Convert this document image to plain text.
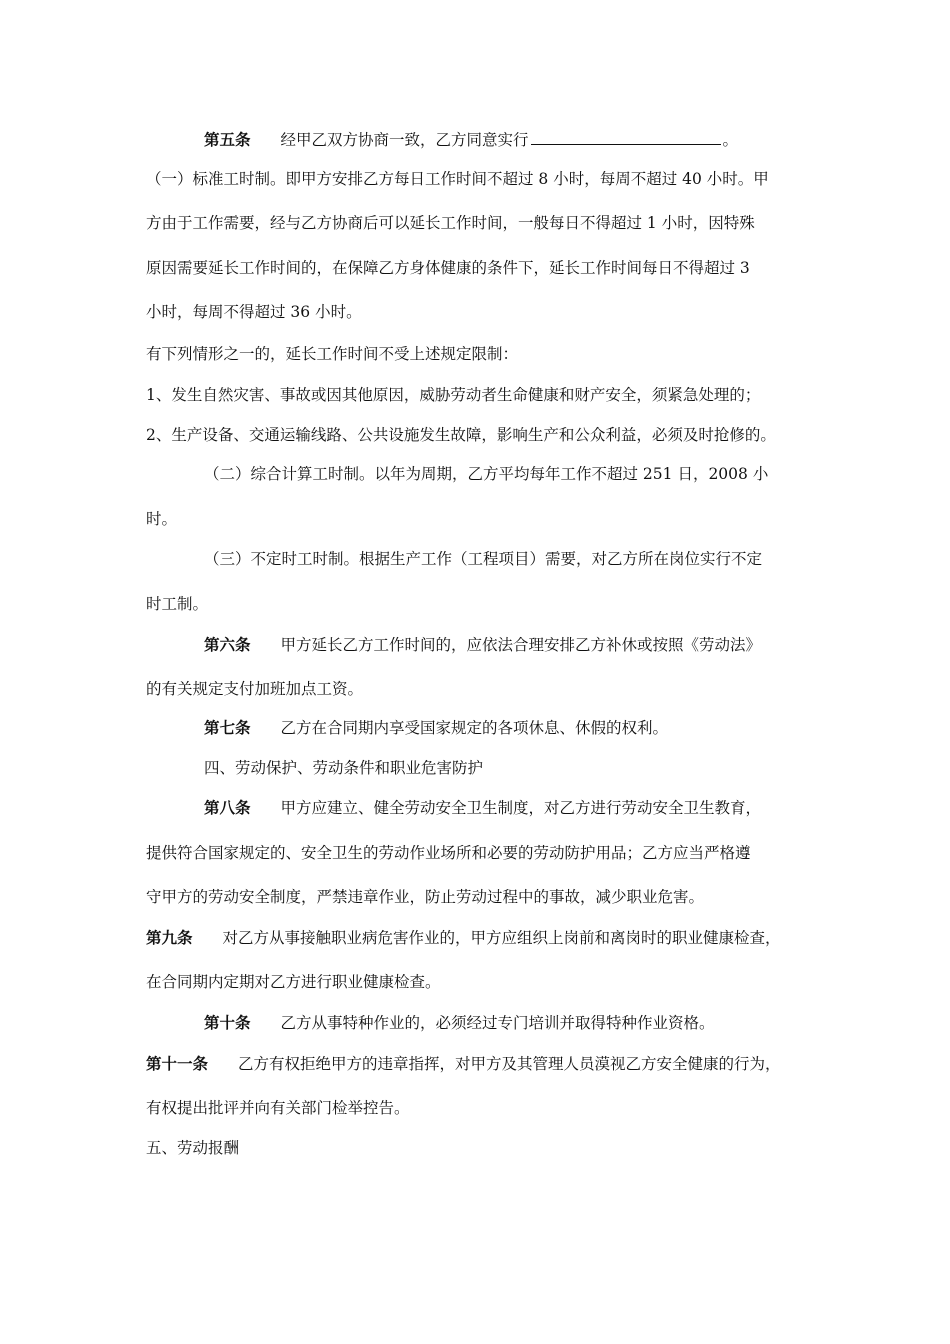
第五条 经甲乙双方协商一致，乙方同意实行	。
（一）标准工时制。即甲方安排乙方每日工作时间不超过 8 小时，每周不超过 40 小时。甲
方由于工作需要，经与乙方协商后可以延长工作时间，一般每日不得超过 1 小时，因特殊
原因需要延长工作时间的，在保障乙方身体健康的条件下，延长工作时间每日不得超过 3
小时，每周不得超过 36 小时。
有下列情形之一的，延长工作时间不受上述规定限制：
1、发生自然灾害、事故或因其他原因，威胁劳动者生命健康和财产安全，须紧急处理的；
2、生产设备、交通运输线路、公共设施发生故障，影响生产和公众利益，必须及时抢修的。
（二）综合计算工时制。以年为周期，乙方平均每年工作不超过 251 日，2008 小
时。
（三）不定时工时制。根据生产工作（工程项目）需要，对乙方所在岗位实行不定
时工制。
第六条 甲方延长乙方工作时间的，应依法合理安排乙方补休或按照《劳动法》
的有关规定支付加班加点工资。
第七条 乙方在合同期内享受国家规定的各项休息、休假的权利。
四、劳动保护、劳动条件和职业危害防护
第八条 甲方应建立、健全劳动安全卫生制度，对乙方进行劳动安全卫生教育，
提供符合国家规定的、安全卫生的劳动作业场所和必要的劳动防护用品；乙方应当严格遵
守甲方的劳动安全制度，严禁违章作业，防止劳动过程中的事故，减少职业危害。
第九条 对乙方从事接触职业病危害作业的，甲方应组织上岗前和离岗时的职业健康检查，
在合同期内定期对乙方进行职业健康检查。
第十条 乙方从事特种作业的，必须经过专门培训并取得特种作业资格。
第十一条 乙方有权拒绝甲方的违章指挥，对甲方及其管理人员漠视乙方安全健康的行为，
有权提出批评并向有关部门检举控告。
五、劳动报酬
